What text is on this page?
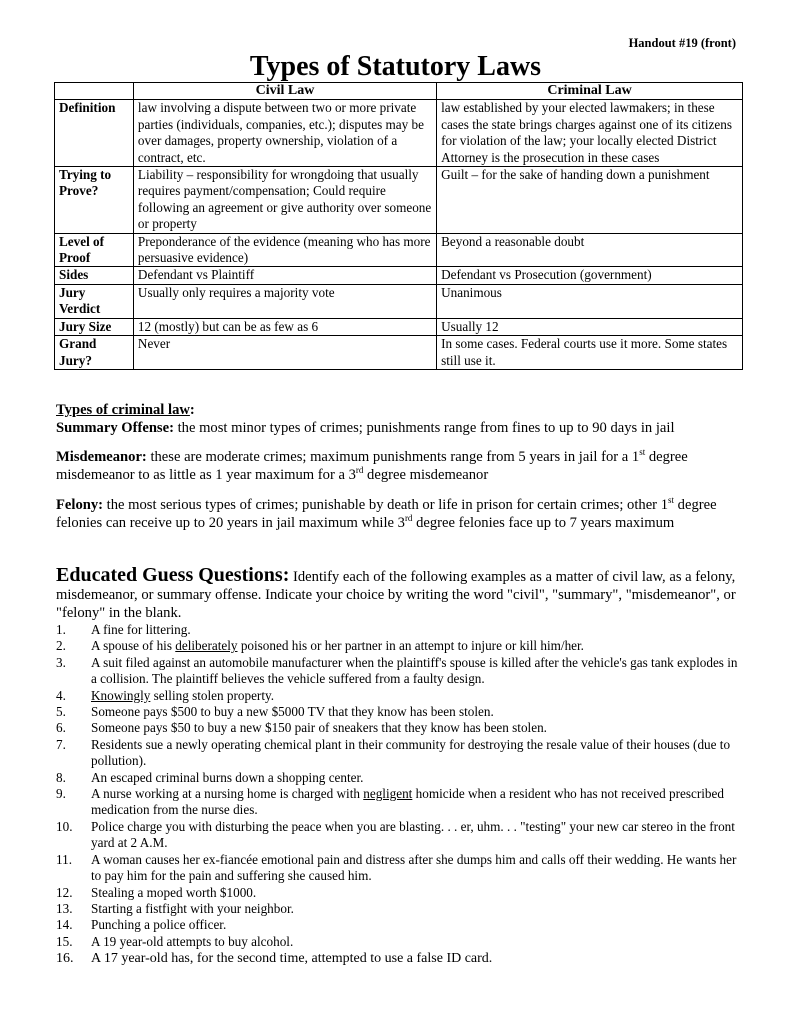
Handout #19 (front)
Types of Statutory Laws
	Civil Law	Criminal Law
Definition	law involving a dispute between two or more private parties (individuals, companies, etc.); disputes may be over damages, property ownership, violation of a contract, etc.	law established by your elected lawmakers; in these cases the state brings charges against one of its citizens for violation of the law; your locally elected District Attorney is the prosecution in these cases
Trying to Prove?	Liability – responsibility for wrongdoing that usually requires payment/compensation; Could require following an agreement or give authority over someone or property	Guilt – for the sake of handing down a punishment
Level of Proof	Preponderance of the evidence (meaning who has more persuasive evidence)	Beyond a reasonable doubt
Sides	Defendant vs Plaintiff	Defendant vs Prosecution (government)
Jury Verdict	Usually only requires a majority vote	Unanimous
Jury Size	12 (mostly) but can be as few as 6	Usually 12
Grand Jury?	Never	In some cases. Federal courts use it more. Some states still use it.
Types of criminal law:
Summary Offense: the most minor types of crimes; punishments range from fines to up to 90 days in jail
Misdemeanor: these are moderate crimes; maximum punishments range from 5 years in jail for a 1st degree misdemeanor to as little as 1 year maximum for a 3rd degree misdemeanor
Felony: the most serious types of crimes; punishable by death or life in prison for certain crimes; other 1st degree felonies can receive up to 20 years in jail maximum while 3rd degree felonies face up to 7 years maximum
Educated Guess Questions: Identify each of the following examples as a matter of civil law, as a felony, misdemeanor, or summary offense. Indicate your choice by writing the word "civil", "summary", "misdemeanor", or "felony" in the blank.
1.	A fine for littering.
2.	A spouse of his deliberately poisoned his or her partner in an attempt to injure or kill him/her.
3.	A suit filed against an automobile manufacturer when the plaintiff's spouse is killed after the vehicle's gas tank explodes in a collision. The plaintiff believes the vehicle suffered from a faulty design.
4.	Knowingly selling stolen property.
5.	Someone pays $500 to buy a new $5000 TV that they know has been stolen.
6.	Someone pays $50 to buy a new $150 pair of sneakers that they know has been stolen.
7.	Residents sue a newly operating chemical plant in their community for destroying the resale value of their houses (due to pollution).
8.	An escaped criminal burns down a shopping center.
9.	A nurse working at a nursing home is charged with negligent homicide when a resident who has not received prescribed medication from the nurse dies.
10.	Police charge you with disturbing the peace when you are blasting. . . er, uhm. . . "testing" your new car stereo in the front yard at 2 A.M.
11.	A woman causes her ex-fiancée emotional pain and distress after she dumps him and calls off their wedding. He wants her to pay him for the pain and suffering she caused him.
12.	Stealing a moped worth $1000.
13.	Starting a fistfight with your neighbor.
14.	Punching a police officer.
15.	A 19 year-old attempts to buy alcohol.
16.	A 17 year-old has, for the second time, attempted to use a false ID card.
